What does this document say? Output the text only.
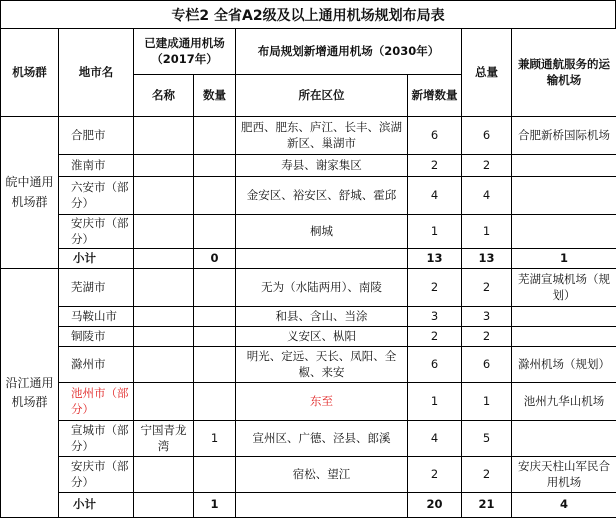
专栏2 全省A2级及以上通用机场规划布局表
机场群	地市名	已建成通用机场（2017年）		布局规划新增通用机场（2030年）		总量	兼顾通航服务的运输机场
		名称	数量	所在区位	新增数量		
皖中通用机场群	合肥市			肥西、肥东、庐江、长丰、滨湖新区、巢湖市	6	6	合肥新桥国际机场
	淮南市			寿县、谢家集区	2	2	
	六安市（部分）			金安区、裕安区、舒城、霍邱	4	4	
	安庆市（部分）			桐城	1	1	
	小计		0		13	13	1
沿江通用机场群	芜湖市			无为（水陆两用）、南陵	2	2	芜湖宣城机场（规划）
	马鞍山市			和县、含山、当涂	3	3	
	铜陵市			义安区、枞阳	2	2	
	滁州市			明光、定远、天长、凤阳、全椒、来安	6	6	滁州机场（规划）
	池州市（部分）			东至	1	1	池州九华山机场
	宣城市（部分）	宁国青龙湾	1	宣州区、广德、泾县、郎溪	4	5	
	安庆市（部分）			宿松、望江	2	2	安庆天柱山军民合用机场
	小计		1		20	21	4
